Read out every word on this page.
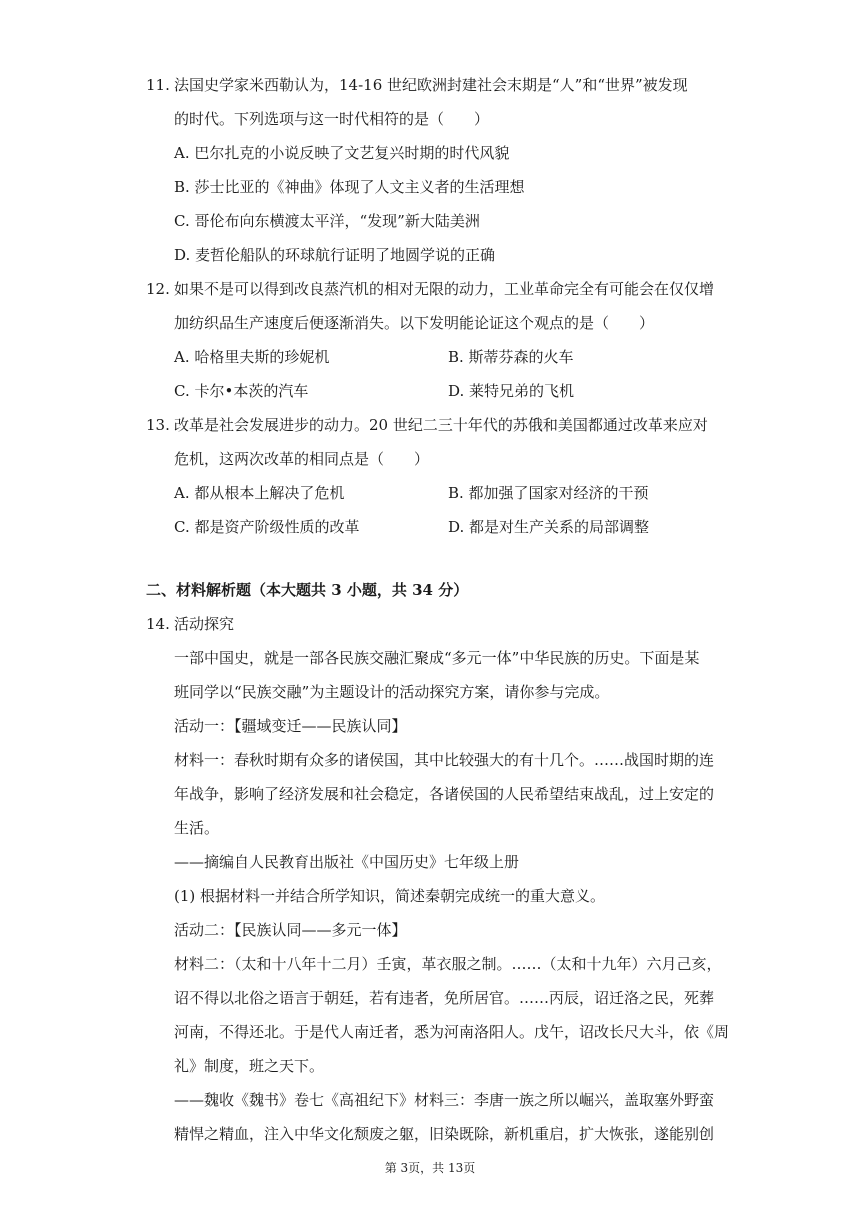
11. 法国史学家米西勒认为，14-16 世纪欧洲封建社会末期是“人”和“世界”被发现
的时代。下列选项与这一时代相符的是（　　）
A. 巴尔扎克的小说反映了文艺复兴时期的时代风貌
B. 莎士比亚的《神曲》体现了人文主义者的生活理想
C. 哥伦布向东横渡太平洋，“发现”新大陆美洲
D. 麦哲伦船队的环球航行证明了地圆学说的正确
12. 如果不是可以得到改良蒸汽机的相对无限的动力，工业革命完全有可能会在仅仅增
加纺织品生产速度后便逐渐消失。以下发明能论证这个观点的是（　　）
A. 哈格里夫斯的珍妮机	B. 斯蒂芬森的火车
C. 卡尔•本茨的汽车	D. 莱特兄弟的飞机
13. 改革是社会发展进步的动力。20 世纪二三十年代的苏俄和美国都通过改革来应对
危机，这两次改革的相同点是（　　）
A. 都从根本上解决了危机	B. 都加强了国家对经济的干预
C. 都是资产阶级性质的改革	D. 都是对生产关系的局部调整
二、材料解析题（本大题共 3 小题，共 34 分）
14. 活动探究
一部中国史，就是一部各民族交融汇聚成“多元一体”中华民族的历史。下面是某
班同学以“民族交融”为主题设计的活动探究方案，请你参与完成。
活动一：【疆域变迁——民族认同】
材料一：春秋时期有众多的诸侯国，其中比较强大的有十几个。……战国时期的连
年战争，影响了经济发展和社会稳定，各诸侯国的人民希望结束战乱，过上安定的
生活。
——摘编自人民教育出版社《中国历史》七年级上册
(1) 根据材料一并结合所学知识，简述秦朝完成统一的重大意义。
活动二：【民族认同——多元一体】
材料二：（太和十八年十二月）壬寅，革衣服之制。……（太和十九年）六月己亥，
诏不得以北俗之语言于朝廷，若有违者，免所居官。……丙辰，诏迁洛之民，死葬
河南，不得还北。于是代人南迁者，悉为河南洛阳人。戊午，诏改长尺大斗，依《周
礼》制度，班之天下。
——魏收《魏书》卷七《高祖纪下》材料三：李唐一族之所以崛兴，盖取塞外野蛮
精悍之精血，注入中华文化颓废之躯，旧染既除，新机重启，扩大恢张，遂能别创
第 3页，共 13页
